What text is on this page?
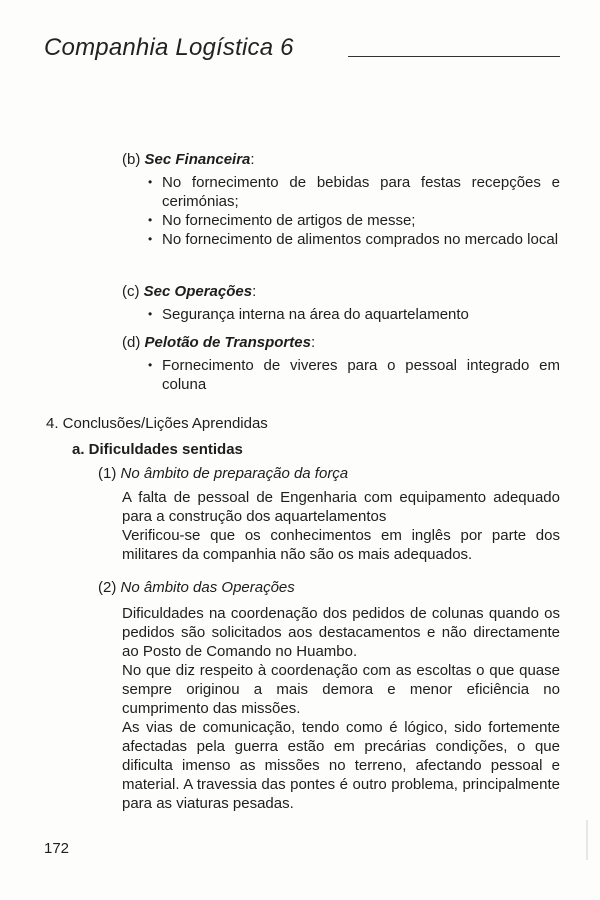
Companhia Logística 6
(b) Sec Financeira:
• No fornecimento de bebidas para festas recepções e cerimónias;
• No fornecimento de artigos de messe;
• No fornecimento de alimentos comprados no mercado local
(c) Sec Operações:
• Segurança interna na área do aquartelamento
(d) Pelotão de Transportes:
• Fornecimento de viveres para o pessoal integrado em coluna
4. Conclusões/Lições Aprendidas
a. Dificuldades sentidas
(1) No âmbito de preparação da força
A falta de pessoal de Engenharia com equipamento adequado para a construção dos aquartelamentos
Verificou-se que os conhecimentos em inglês por parte dos militares da companhia não são os mais adequados.
(2) No âmbito das Operações
Dificuldades na coordenação dos pedidos de colunas quando os pedidos são solicitados aos destacamentos e não directamente ao Posto de Comando no Huambo.
No que diz respeito à coordenação com as escoltas o que quase sempre originou a mais demora e menor eficiência no cumprimento das missões.
As vias de comunicação, tendo como é lógico, sido fortemente afectadas pela guerra estão em precárias condições, o que dificulta imenso as missões no terreno, afectando pessoal e material. A travessia das pontes é outro problema, principalmente para as viaturas pesadas.
172
